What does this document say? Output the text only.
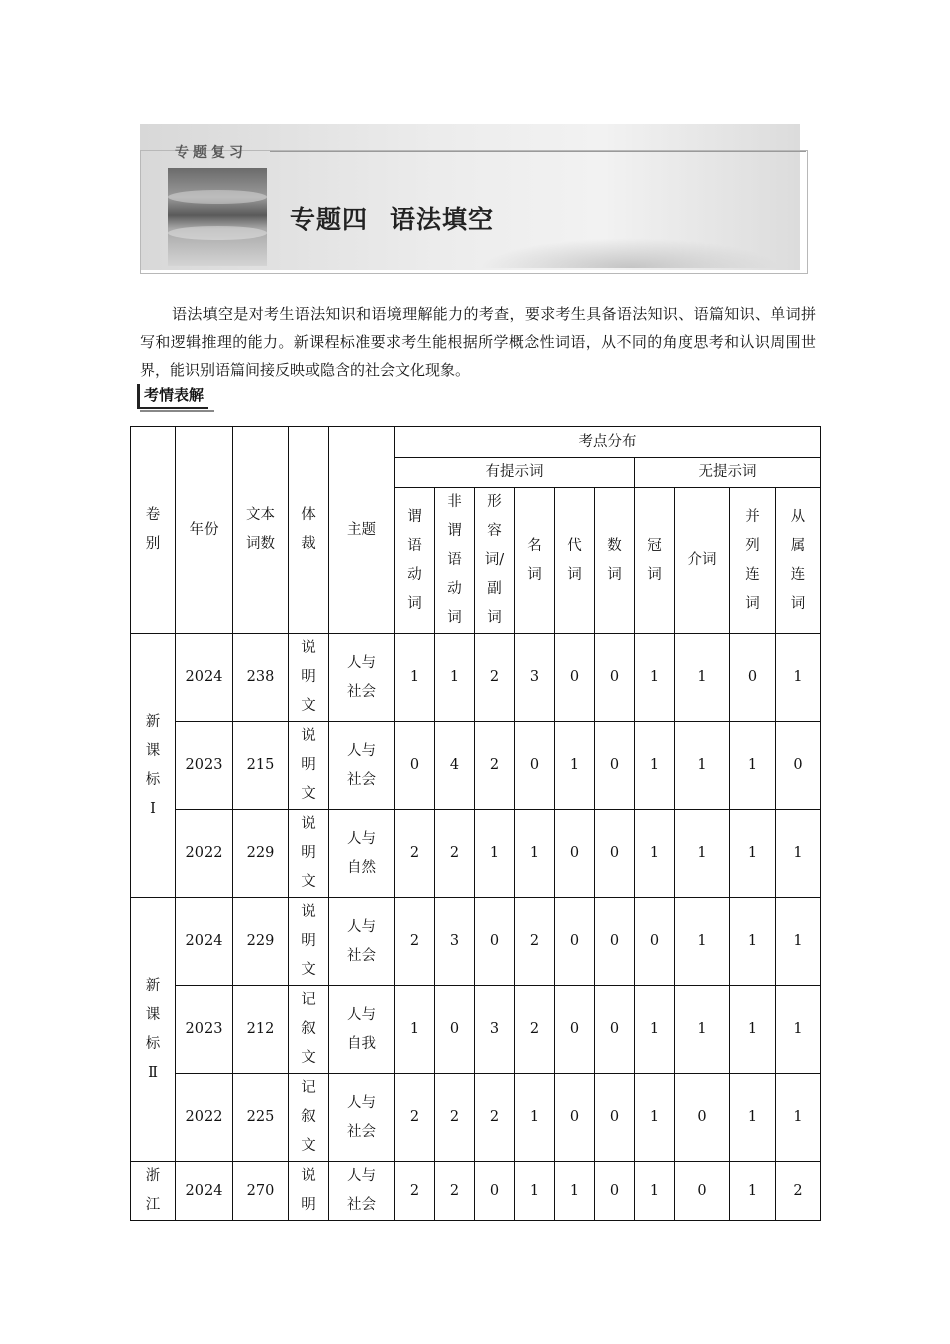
专题复习
专题四 语法填空
语法填空是对考生语法知识和语境理解能力的考查，要求考生具备语法知识、语篇知识、单词拼写和逻辑推理的能力。新课程标准要求考生能根据所学概念性词语，从不同的角度思考和认识周围世界，能识别语篇间接反映或隐含的社会文化现象。
考情表解
卷别	年份	文本词数	体裁	主题	考点分布									
					有提示词						无提示词			
					谓语动词	非谓语动词	形容词/副词	名词	代词	数词	冠词	介词	并列连词	从属连词
新课标Ⅰ	2024	238	说明文	人与社会	1	1	2	3	0	0	1	1	0	1
	2023	215	说明文	人与社会	0	4	2	0	1	0	1	1	1	0
	2022	229	说明文	人与自然	2	2	1	1	0	0	1	1	1	1
新课标Ⅱ	2024	229	说明文	人与社会	2	3	0	2	0	0	0	1	1	1
	2023	212	记叙文	人与自我	1	0	3	2	0	0	1	1	1	1
	2022	225	记叙文	人与社会	2	2	2	1	0	0	1	0	1	1
浙江	2024	270	说明	人与社会	2	2	0	1	1	0	1	0	1	2
